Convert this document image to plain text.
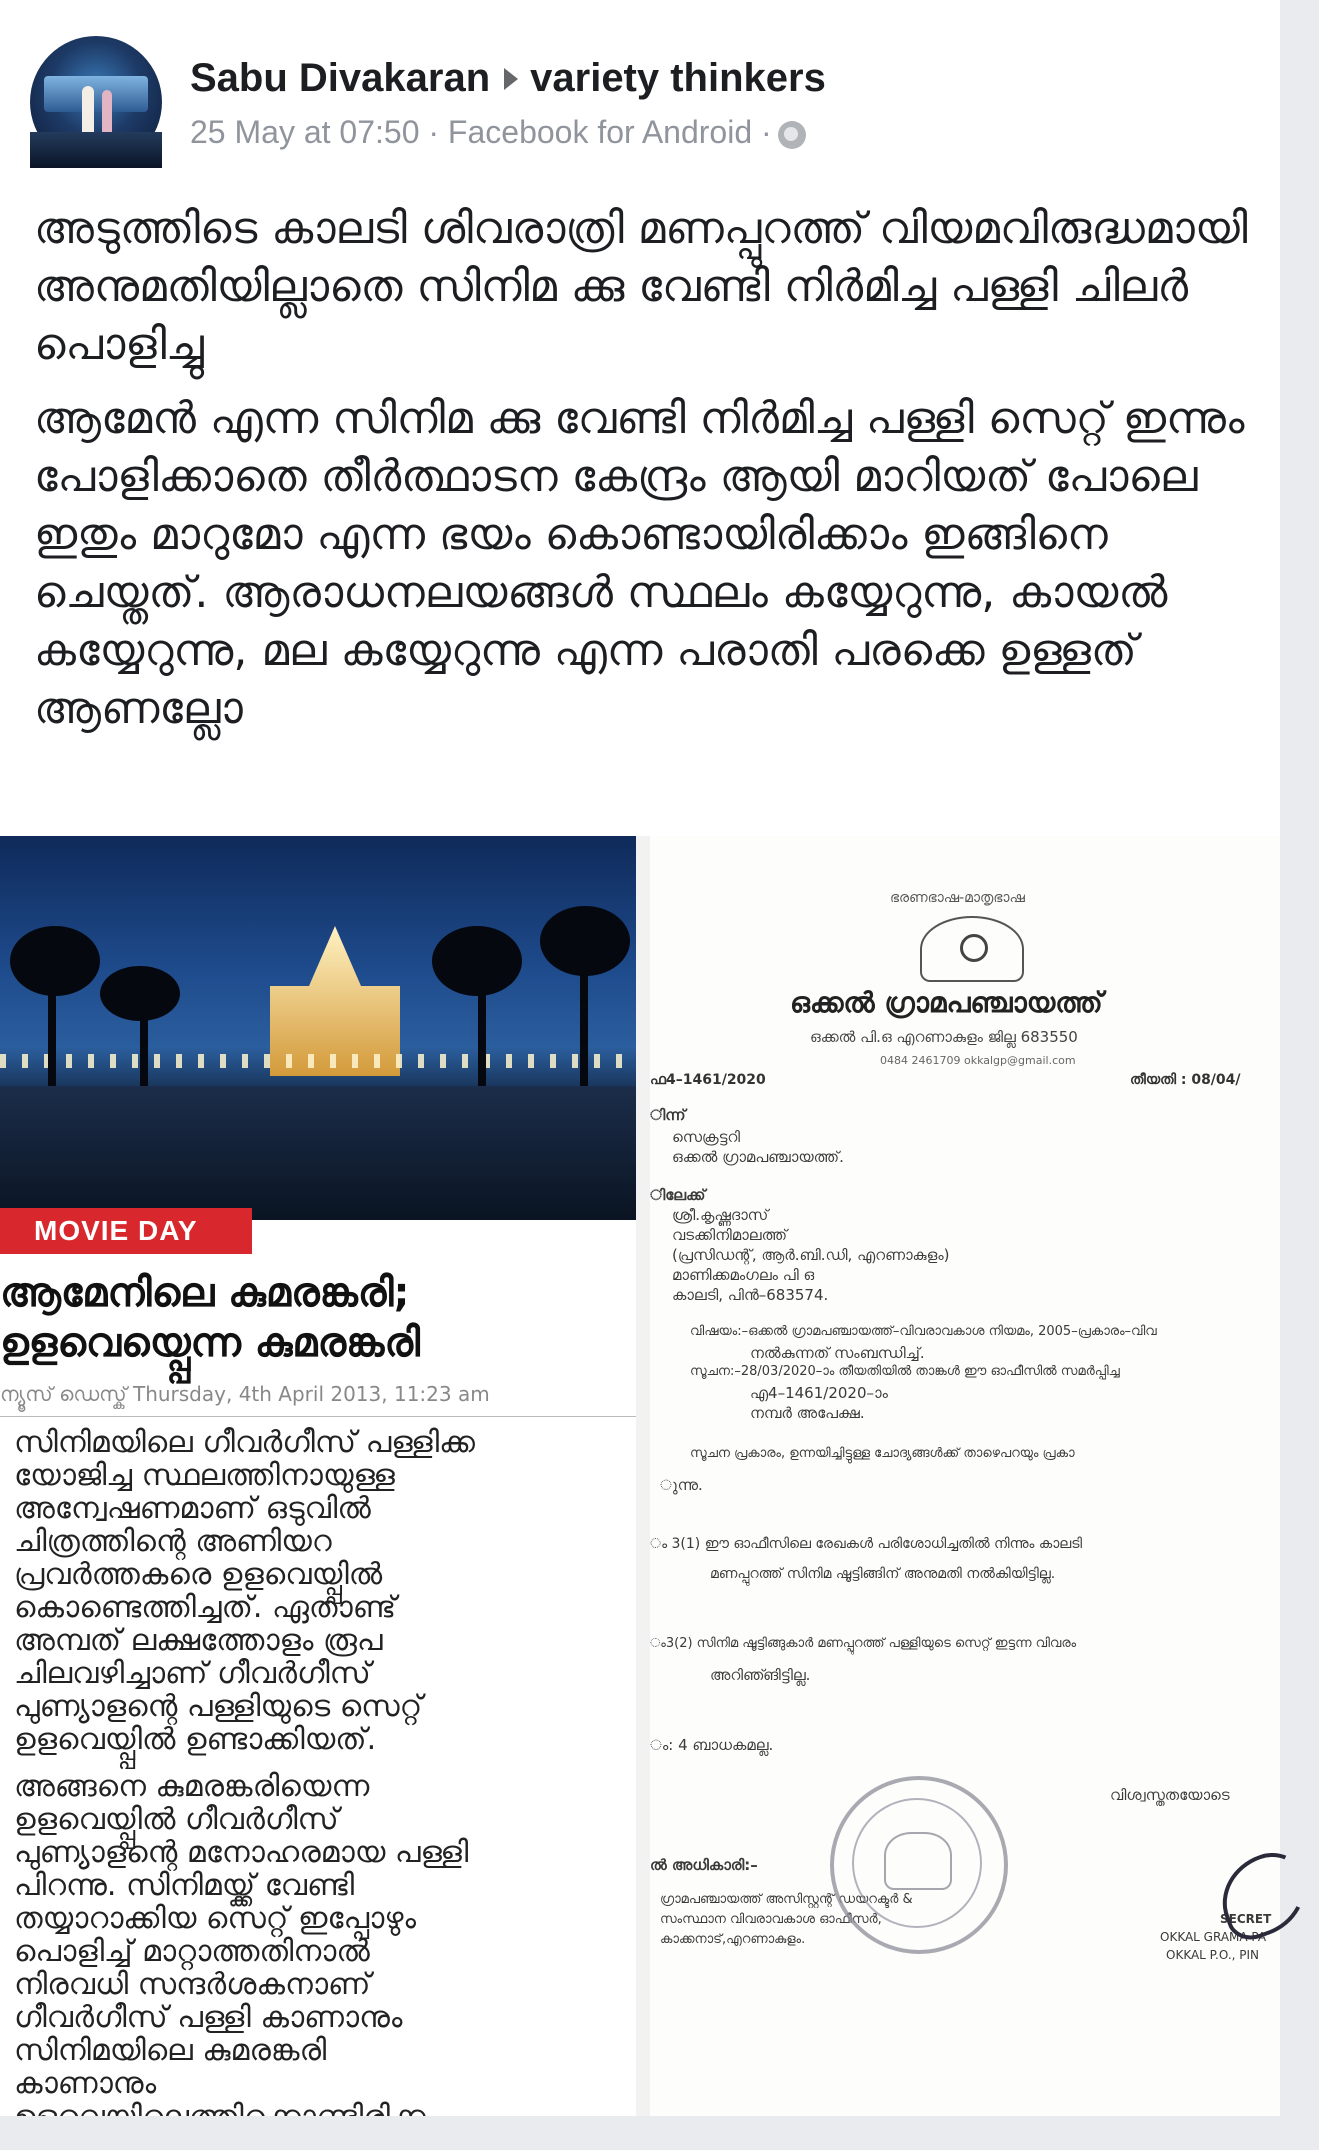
Sabu Divakaran variety thinkers
25 May at 07:50 · Facebook for Android ·

അടുത്തിടെ കാലടി ശിവരാത്രി മണപ്പുറത്ത് വിയമവിരുദ്ധമായി അനുമതിയില്ലാതെ സിനിമ ക്കു വേണ്ടി നിർമിച്ച പള്ളി ചിലർ പൊളിച്ചു

ആമേൻ എന്ന സിനിമ ക്കു വേണ്ടി നിർമിച്ച പള്ളി സെറ്റ് ഇന്നും പോളിക്കാതെ തീർത്ഥാടന കേന്ദ്രം ആയി മാറിയത് പോലെ ഇതും മാറുമോ എന്ന ഭയം കൊണ്ടായിരിക്കാം ഇങ്ങിനെ ചെയ്തത്. ആരാധനലയങ്ങൾ സ്ഥലം കയ്യേറുന്നു, കായൽ കയ്യേറുന്നു, മല കയ്യേറുന്നു എന്ന പരാതി പരക്കെ ഉള്ളത് ആണല്ലോ

MOVIE DAY
ആമേനിലെ കുമരങ്കരി;
ഉളവെയ്പ്പെന്ന കുമരങ്കരി
ന്യൂസ് ഡെസ്ക് Thursday, 4th April 2013, 11:23 am

സിനിമയിലെ ഗീവർഗീസ് പള്ളിക്ക
യോജിച്ച സ്ഥലത്തിനായുള്ള
അന്വേഷണമാണ് ഒടുവിൽ
ചിത്രത്തിന്റെ അണിയറ
പ്രവർത്തകരെ ഉളവെയ്പ്പിൽ
കൊണ്ടെത്തിച്ചത്. ഏതാണ്ട്
അമ്പത് ലക്ഷത്തോളം രൂപ
ചിലവഴിച്ചാണ് ഗീവർഗീസ്
പുണ്യാളന്റെ പള്ളിയുടെ സെറ്റ്
ഉളവെയ്പ്പിൽ ഉണ്ടാക്കിയത്.

അങ്ങനെ കുമരങ്കരിയെന്ന
ഉളവെയ്പ്പിൽ ഗീവർഗീസ്
പുണ്യാളന്റെ മനോഹരമായ പള്ളി
പിറന്നു. സിനിമയ്ക്ക് വേണ്ടി
തയ്യാറാക്കിയ സെറ്റ് ഇപ്പോഴും
പൊളിച്ച് മാറ്റാത്തതിനാൽ
നിരവധി സന്ദർശകനാണ്
ഗീവർഗീസ് പള്ളി കാണാനും
സിനിമയിലെ കുമരങ്കരി
കാണാനും

ഭരണഭാഷ-മാതൃഭാഷ
ഒക്കൽ ഗ്രാമപഞ്ചായത്ത്
ഒക്കൽ പി.ഒ എറണാകുളം ജില്ല 683550
0484 2461709 okkalgp@gmail.com
ഫ4–1461/2020	തീയതി : 08/04/
ിന്ന്
സെക്രട്ടറി
ഒക്കൽ ഗ്രാമപഞ്ചായത്ത്.
ിലേക്ക്
ശ്രീ.കൃഷ്ണദാസ്
വടക്കിനിമാലത്ത്
(പ്രസിഡന്റ്, ആർ.ബി.ഡി, എറണാകുളം)
മാണിക്കമംഗലം പി ഒ
കാലടി, പിൻ–683574.
വിഷയം:–ഒക്കൽ ഗ്രാമപഞ്ചായത്ത്–വിവരാവകാശ നിയമം, 2005–പ്രകാരം–വിവ
നൽകുന്നത് സംബന്ധിച്ച്.
സൂചന:–28/03/2020–ാം തീയതിയിൽ താങ്കൾ ഈ ഓഫീസിൽ സമർപ്പിച്ച
എ4–1461/2020–ാം
നമ്പർ അപേക്ഷ.
സൂചന പ്രകാരം, ഉന്നയിച്ചിട്ടുള്ള ചോദ്യങ്ങൾക്ക് താഴെപറയും പ്രകാ
ുന്നു.
ം 3(1) ഈ ഓഫീസിലെ രേഖകൾ പരിശോധിച്ചതിൽ നിന്നും കാലടി
മണപ്പുറത്ത് സിനിമ ഷൂട്ടിങ്ങിന് അനുമതി നൽകിയിട്ടില്ല.
ം3(2) സിനിമ ഷൂട്ടിങ്ങുകാർ മണപ്പുറത്ത് പള്ളിയുടെ സെറ്റ് ഇട്ടന്ന വിവരം
അറിഞ്ങിട്ടില്ല.
ം: 4 ബാധകമല്ല.
വിശ്വസ്തതയോടെ
ൽ അധികാരി:–
ഗ്രാമപഞ്ചായത്ത് അസിസ്റ്റന്റ് ഡയറക്ടർ &
സംസ്ഥാന വിവരാവകാശ ഓഫീസർ,
കാക്കനാട്,എറണാകുളം.
SECRET
OKKAL GRAMA PA
OKKAL P.O., PIN
